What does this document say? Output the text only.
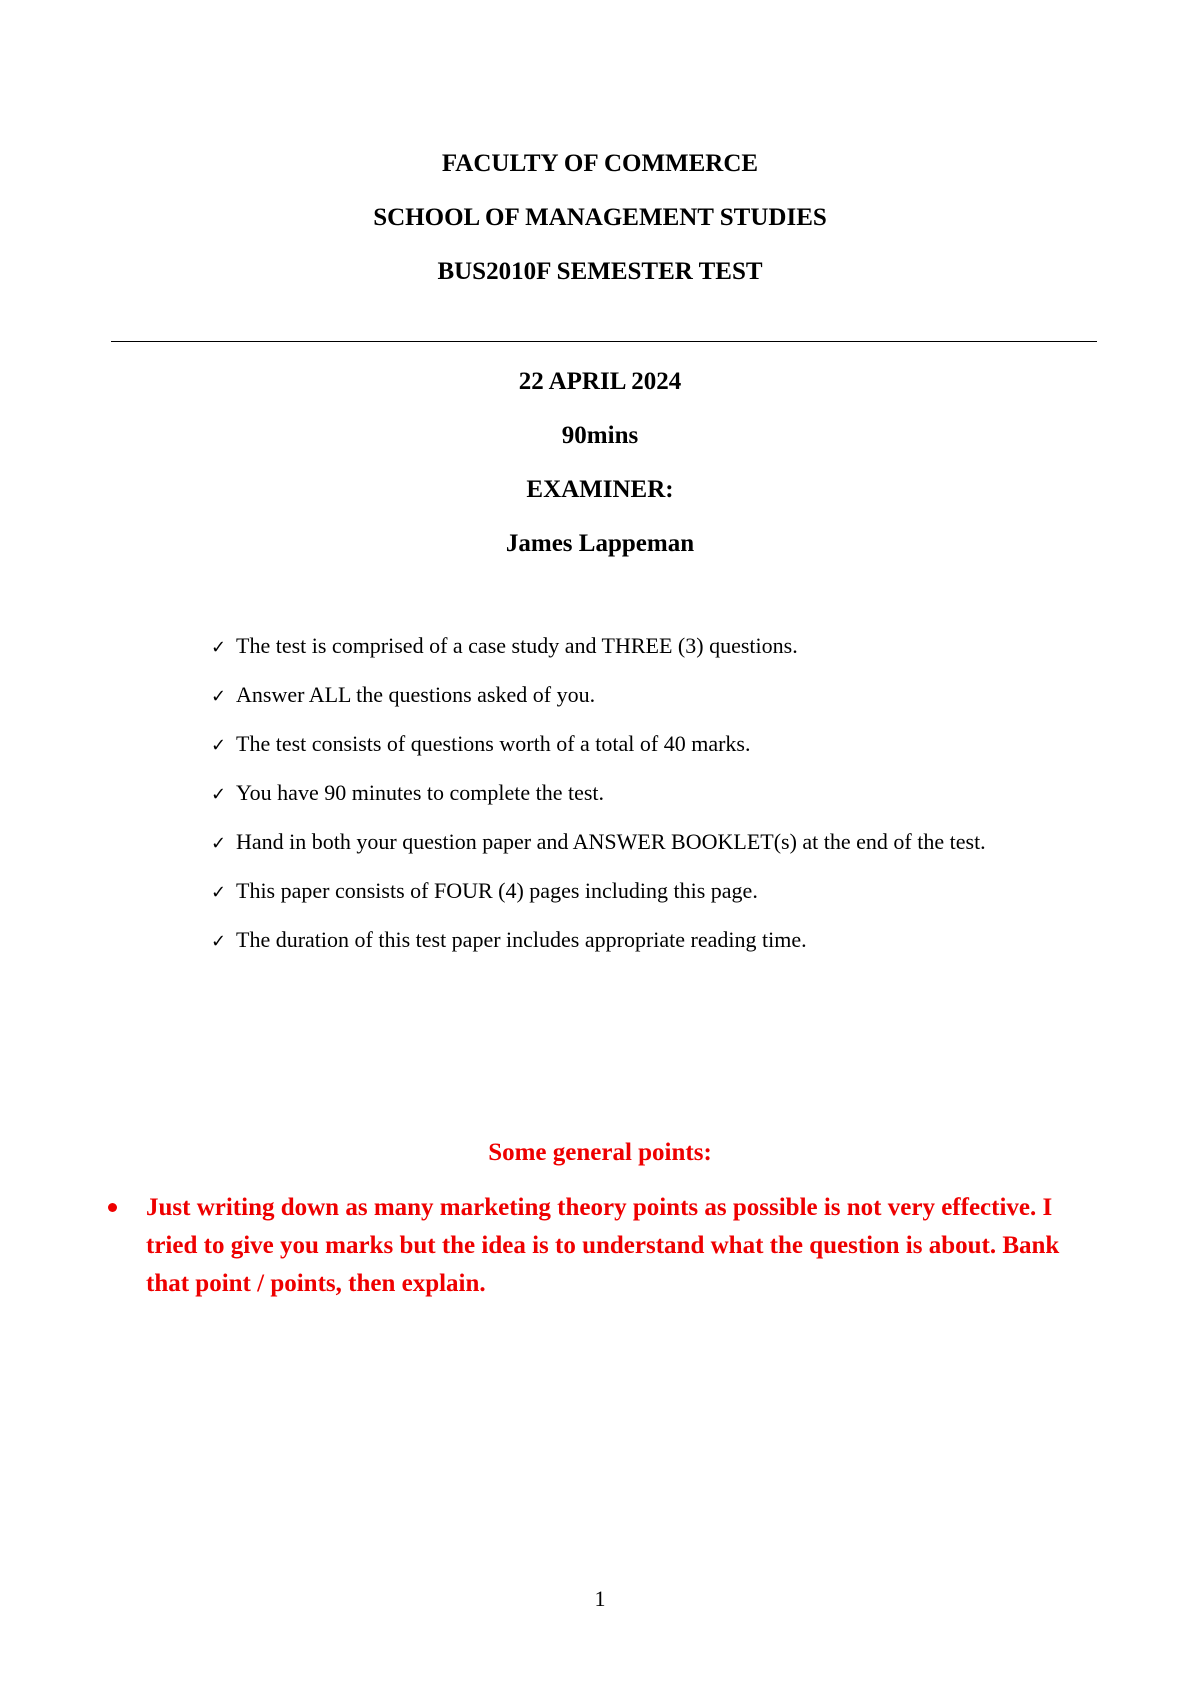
FACULTY OF COMMERCE
SCHOOL OF MANAGEMENT STUDIES
BUS2010F SEMESTER TEST
22 APRIL 2024
90mins
EXAMINER:
James Lappeman
✓ The test is comprised of a case study and THREE (3) questions.
✓ Answer ALL the questions asked of you.
✓ The test consists of questions worth of a total of 40 marks.
✓ You have 90 minutes to complete the test.
✓ Hand in both your question paper and ANSWER BOOKLET(s) at the end of the test.
✓ This paper consists of FOUR (4) pages including this page.
✓ The duration of this test paper includes appropriate reading time.
Some general points:
Just writing down as many marketing theory points as possible is not very effective. I tried to give you marks but the idea is to understand what the question is about. Bank that point / points, then explain.
1
